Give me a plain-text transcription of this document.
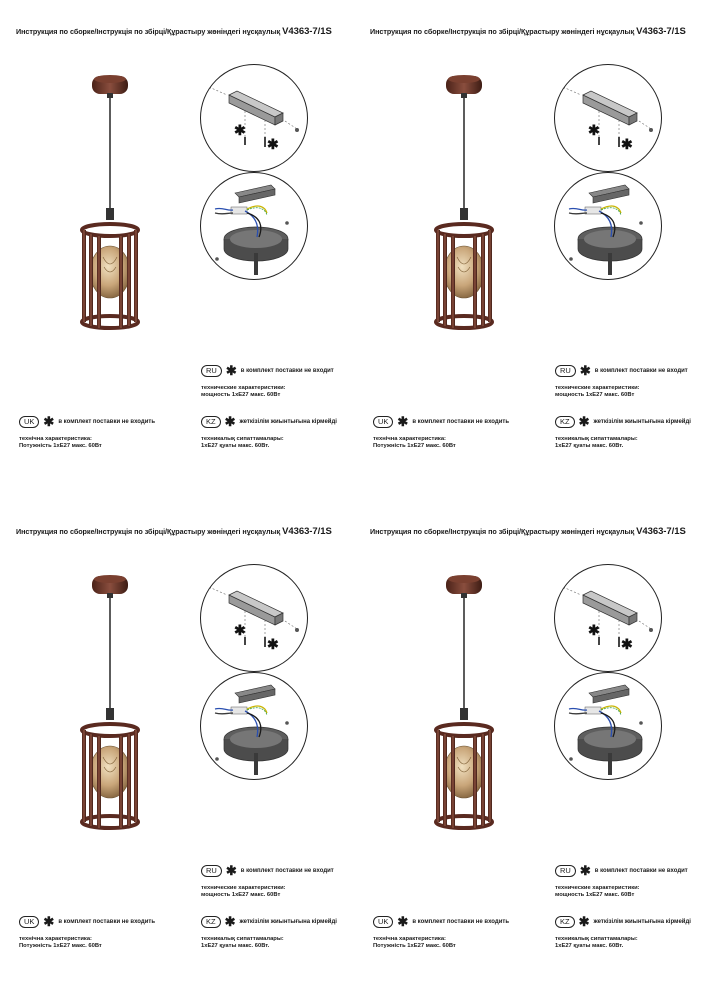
Инструкция по сборке/Інструкція по збірці/Құрастыру жөніндегі нұсқаулық V4363-7/1S
✱
✱
RU ✱ в комплект поставки не входит
технические характеристики:
мощность 1хЕ27 макс. 60Вт
KZ ✱ жеткізілім жиынтығына кірмейді
техникалық сипаттамалары:
1хЕ27 қуаты макс. 60Вт.
UK ✱ в комплект поставки не входить
технічна характеристика:
Потужність 1хЕ27 макс. 60Вт
Инструкция по сборке/Інструкція по збірці/Құрастыру жөніндегі нұсқаулық V4363-7/1S
✱
✱
RU ✱ в комплект поставки не входит
технические характеристики:
мощность 1хЕ27 макс. 60Вт
KZ ✱ жеткізілім жиынтығына кірмейді
техникалық сипаттамалары:
1хЕ27 қуаты макс. 60Вт.
UK ✱ в комплект поставки не входить
технічна характеристика:
Потужність 1хЕ27 макс. 60Вт
Инструкция по сборке/Інструкція по збірці/Құрастыру жөніндегі нұсқаулық V4363-7/1S
✱
✱
RU ✱ в комплект поставки не входит
технические характеристики:
мощность 1хЕ27 макс. 60Вт
KZ ✱ жеткізілім жиынтығына кірмейді
техникалық сипаттамалары:
1хЕ27 қуаты макс. 60Вт.
UK ✱ в комплект поставки не входить
технічна характеристика:
Потужність 1хЕ27 макс. 60Вт
Инструкция по сборке/Інструкція по збірці/Құрастыру жөніндегі нұсқаулық V4363-7/1S
✱
✱
RU ✱ в комплект поставки не входит
технические характеристики:
мощность 1хЕ27 макс. 60Вт
KZ ✱ жеткізілім жиынтығына кірмейді
техникалық сипаттамалары:
1хЕ27 қуаты макс. 60Вт.
UK ✱ в комплект поставки не входить
технічна характеристика:
Потужність 1хЕ27 макс. 60Вт
